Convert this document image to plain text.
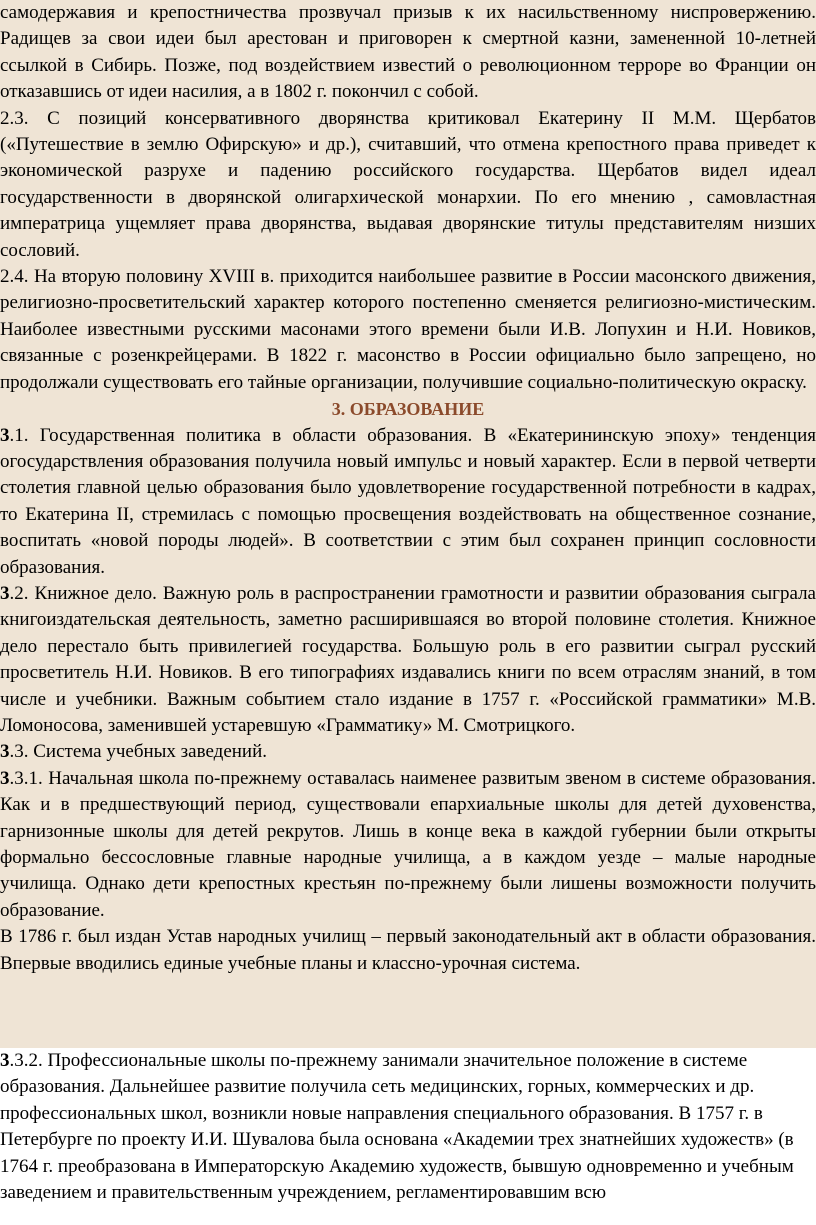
самодержавия и крепостничества прозвучал призыв к их насильственному ниспровержению. Радищев за свои идеи был арестован и приговорен к смертной казни, замененной 10-летней ссылкой в Сибирь. Позже, под воздействием известий о революционном терроре во Франции он отказавшись от идеи насилия, а в 1802 г. покончил с собой.

2.3. С позиций консервативного дворянства критиковал Екатерину II М.М. Щербатов («Путешествие в землю Офирскую» и др.), считавший, что отмена крепостного права приведет к экономической разрухе и падению российского государства. Щербатов видел идеал государственности в дворянской олигархической монархии. По его мнению , самовластная императрица ущемляет права дворянства, выдавая дворянские титулы представителям низших сословий.

2.4. На вторую половину XVIII в. приходится наибольшее развитие в России масонского движения, религиозно-просветительский характер которого постепенно сменяется религиозно-мистическим. Наиболее известными русскими масонами этого времени были И.В. Лопухин и Н.И. Новиков, связанные с розенкрейцерами. В 1822 г. масонство в России официально было запрещено, но продолжали существовать его тайные организации, получившие социально-политическую окраску.

3. ОБРАЗОВАНИЕ

3.1. Государственная политика в области образования. В «Екатерининскую эпоху» тенденция огосударствления образования получила новый импульс и новый характер. Если в первой четверти столетия главной целью образования было удовлетворение государственной потребности в кадрах, то Екатерина II, стремилась с помощью просвещения воздействовать на общественное сознание, воспитать «новой породы людей». В соответствии с этим был сохранен принцип сословности образования.

3.2. Книжное дело. Важную роль в распространении грамотности и развитии образования сыграла книгоиздательская деятельность, заметно расширившаяся во второй половине столетия. Книжное дело перестало быть привилегией государства. Большую роль в его развитии сыграл русский просветитель Н.И. Новиков. В его типографиях издавались книги по всем отраслям знаний, в том числе и учебники. Важным событием стало издание в 1757 г. «Российской грамматики» М.В. Ломоносова, заменившей устаревшую «Грамматику» М. Смотрицкого.

3.3. Система учебных заведений.

3.3.1. Начальная школа по-прежнему оставалась наименее развитым звеном в системе образования. Как и в предшествующий период, существовали епархиальные школы для детей духовенства, гарнизонные школы для детей рекрутов. Лишь в конце века в каждой губернии были открыты формально бессословные главные народные училища, а в каждом уезде – малые народные училища. Однако дети крепостных крестьян по-прежнему были лишены возможности получить образование.

В 1786 г. был издан Устав народных училищ – первый законодательный акт в области образования. Впервые вводились единые учебные планы и классно-урочная система.

3.3.2. Профессиональные школы по-прежнему занимали значительное положение в системе образования. Дальнейшее развитие получила сеть медицинских, горных, коммерческих и др. профессиональных школ, возникли новые направления специального образования. В 1757 г. в Петербурге по проекту И.И. Шувалова была основана «Академии трех знатнейших художеств» (в 1764 г. преобразована в Императорскую Академию художеств, бывшую одновременно и учебным заведением и правительственным учреждением, регламентировавшим всю
